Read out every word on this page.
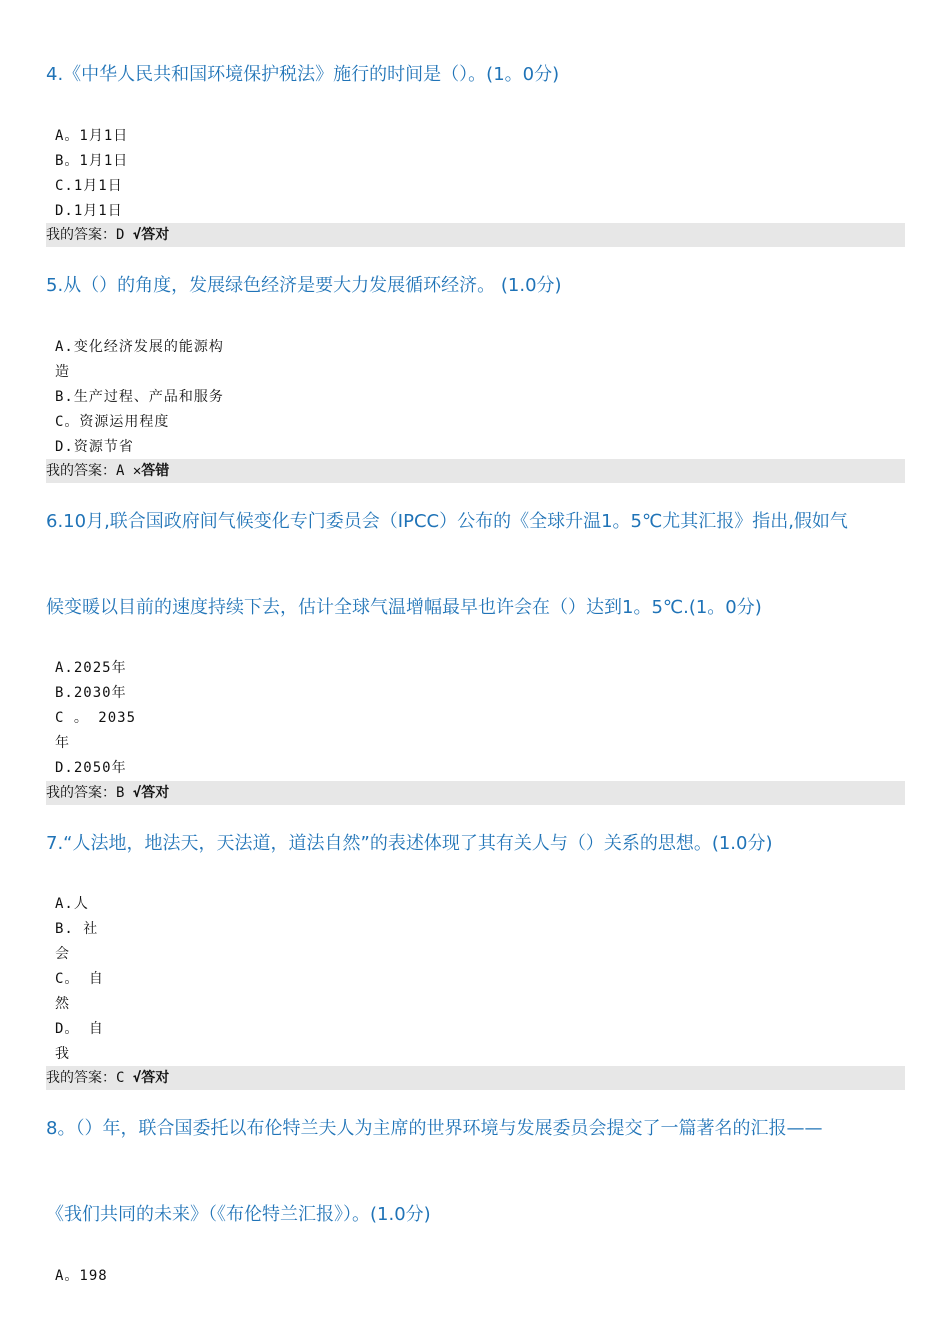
4.《中华人民共和国环境保护税法》施行的时间是（）。(1。0分)
A。1月1日
B。1月1日
C.1月1日
D.1月1日
我的答案：D √答对
5.从（）的角度，发展绿色经济是要大力发展循环经济。 (1.0分)
A.变化经济发展的能源构
造
B.生产过程、产品和服务
C。资源运用程度
D.资源节省
我的答案：A ✕答错
6.10月,联合国政府间气候变化专门委员会（IPCC）公布的《全球升温1。5℃尤其汇报》指出,假如气
候变暖以目前的速度持续下去，估计全球气温增幅最早也许会在（）达到1。5℃.(1。0分)
A.2025年
B.2030年
C 。 2035
年
D.2050年
我的答案：B √答对
7.“人法地，地法天，天法道，道法自然”的表述体现了其有关人与（）关系的思想。(1.0分)
A.人
B. 社
会
C。 自
然
D。 自
我
我的答案：C √答对
8。（）年，联合国委托以布伦特兰夫人为主席的世界环境与发展委员会提交了一篇著名的汇报——
《我们共同的未来》（《布伦特兰汇报》）。(1.0分)
A。198
